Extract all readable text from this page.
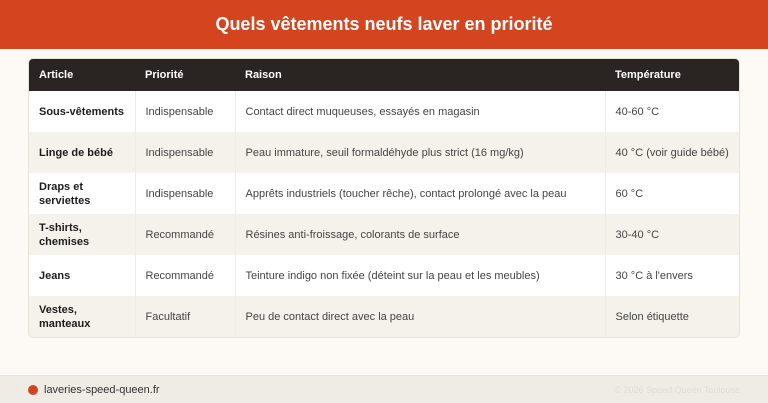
Quels vêtements neufs laver en priorité
Article	Priorité	Raison	Température
Sous-vêtements	Indispensable	Contact direct muqueuses, essayés en magasin	40-60 °C
Linge de bébé	Indispensable	Peau immature, seuil formaldéhyde plus strict (16 mg/kg)	40 °C (voir guide bébé)
Draps et serviettes	Indispensable	Apprêts industriels (toucher rêche), contact prolongé avec la peau	60 °C
T-shirts, chemises	Recommandé	Résines anti-froissage, colorants de surface	30-40 °C
Jeans	Recommandé	Teinture indigo non fixée (déteint sur la peau et les meubles)	30 °C à l'envers
Vestes, manteaux	Facultatif	Peu de contact direct avec la peau	Selon étiquette
laveries-speed-queen.fr	© 2026 Speed Queen Toulouse
